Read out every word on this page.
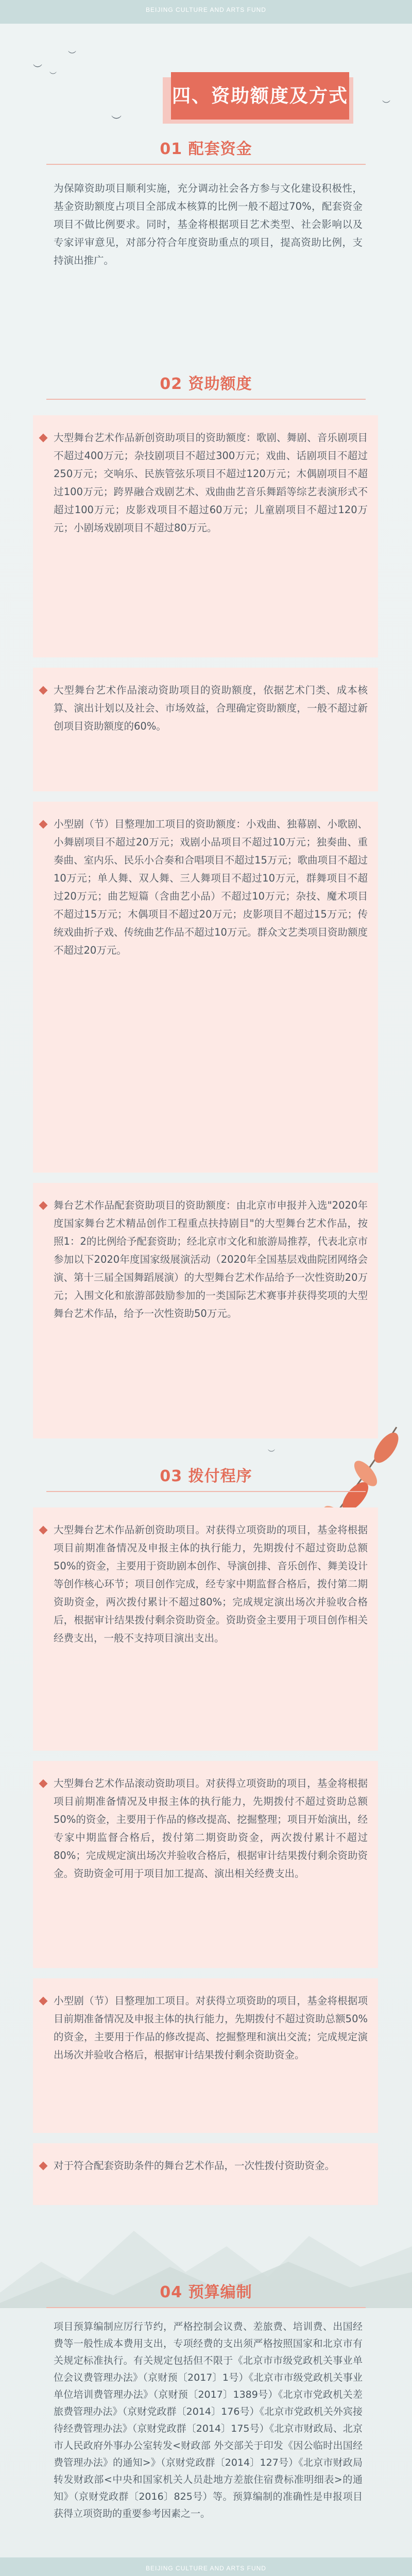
BEIJING CULTURE AND ARTS FUND
︶
︶
︶
︶
︶
四、资助额度及方式
01 配套资金
为保障资助项目顺利实施，充分调动社会各方参与文化建设积极性，基金资助额度占项目全部成本核算的比例一般不超过70%，配套资金项目不做比例要求。同时，基金将根据项目艺术类型、社会影响以及专家评审意见，对部分符合年度资助重点的项目，提高资助比例，支持演出推广。
02 资助额度
大型舞台艺术作品新创资助项目的资助额度：歌剧、舞剧、音乐剧项目不超过400万元；杂技剧项目不超过300万元；戏曲、话剧项目不超过250万元；交响乐、民族管弦乐项目不超过120万元；木偶剧项目不超过100万元；跨界融合戏剧艺术、戏曲曲艺音乐舞蹈等综艺表演形式不超过100万元；皮影戏项目不超过60万元；儿童剧项目不超过120万元；小剧场戏剧项目不超过80万元。
大型舞台艺术作品滚动资助项目的资助额度，依据艺术门类、成本核算、演出计划以及社会、市场效益，合理确定资助额度，一般不超过新创项目资助额度的60%。
小型剧（节）目整理加工项目的资助额度：小戏曲、独幕剧、小歌剧、小舞剧项目不超过20万元；戏剧小品项目不超过10万元；独奏曲、重奏曲、室内乐、民乐小合奏和合唱项目不超过15万元；歌曲项目不超过10万元；单人舞、双人舞、三人舞项目不超过10万元，群舞项目不超过20万元；曲艺短篇（含曲艺小品）不超过10万元；杂技、魔术项目不超过15万元；木偶项目不超过20万元；皮影项目不超过15万元；传统戏曲折子戏、传统曲艺作品不超过10万元。群众文艺类项目资助额度不超过20万元。
舞台艺术作品配套资助项目的资助额度：由北京市申报并入选"2020年度国家舞台艺术精品创作工程重点扶持剧目"的大型舞台艺术作品，按照1：2的比例给予配套资助；经北京市文化和旅游局推荐，代表北京市参加以下2020年度国家级展演活动（2020年全国基层戏曲院团网络会演、第十三届全国舞蹈展演）的大型舞台艺术作品给予一次性资助20万元；入围文化和旅游部鼓励参加的一类国际艺术赛事并获得奖项的大型舞台艺术作品，给予一次性资助50万元。
︶
03 拨付程序
大型舞台艺术作品新创资助项目。对获得立项资助的项目，基金将根据项目前期准备情况及申报主体的执行能力，先期拨付不超过资助总额50%的资金，主要用于资助剧本创作、导演创排、音乐创作、舞美设计等创作核心环节；项目创作完成，经专家中期监督合格后，拨付第二期资助资金，两次拨付累计不超过80%；完成规定演出场次并验收合格后，根据审计结果拨付剩余资助资金。资助资金主要用于项目创作相关经费支出，一般不支持项目演出支出。
大型舞台艺术作品滚动资助项目。对获得立项资助的项目，基金将根据项目前期准备情况及申报主体的执行能力，先期拨付不超过资助总额50%的资金，主要用于作品的修改提高、挖掘整理；项目开始演出，经专家中期监督合格后，拨付第二期资助资金，两次拨付累计不超过80%；完成规定演出场次并验收合格后，根据审计结果拨付剩余资助资金。资助资金可用于项目加工提高、演出相关经费支出。
小型剧（节）目整理加工项目。对获得立项资助的项目，基金将根据项目前期准备情况及申报主体的执行能力，先期拨付不超过资助总额50%的资金，主要用于作品的修改提高、挖掘整理和演出交流；完成规定演出场次并验收合格后，根据审计结果拨付剩余资助资金。
对于符合配套资助条件的舞台艺术作品，一次性拨付资助资金。
04 预算编制
项目预算编制应厉行节约，严格控制会议费、差旅费、培训费、出国经费等一般性成本费用支出，专项经费的支出须严格按照国家和北京市有关规定标准执行。有关规定包括但不限于《北京市市级党政机关事业单位会议费管理办法》（京财预〔2017〕1号）《北京市市级党政机关事业单位培训费管理办法》（京财预〔2017〕1389号）《北京市党政机关差旅费管理办法》（京财党政群〔2014〕176号）《北京市党政机关外宾接待经费管理办法》（京财党政群〔2014〕175号）《北京市财政局、北京市人民政府外事办公室转发<财政部 外交部关于印发《因公临时出国经费管理办法》的通知>》（京财党政群〔2014〕127号）《北京市财政局转发财政部<中央和国家机关人员赴地方差旅住宿费标准明细表>的通知》（京财党政群〔2016〕825号）等。预算编制的准确性是申报项目获得立项资助的重要参考因素之一。
BEIJING CULTURE AND ARTS FUND
